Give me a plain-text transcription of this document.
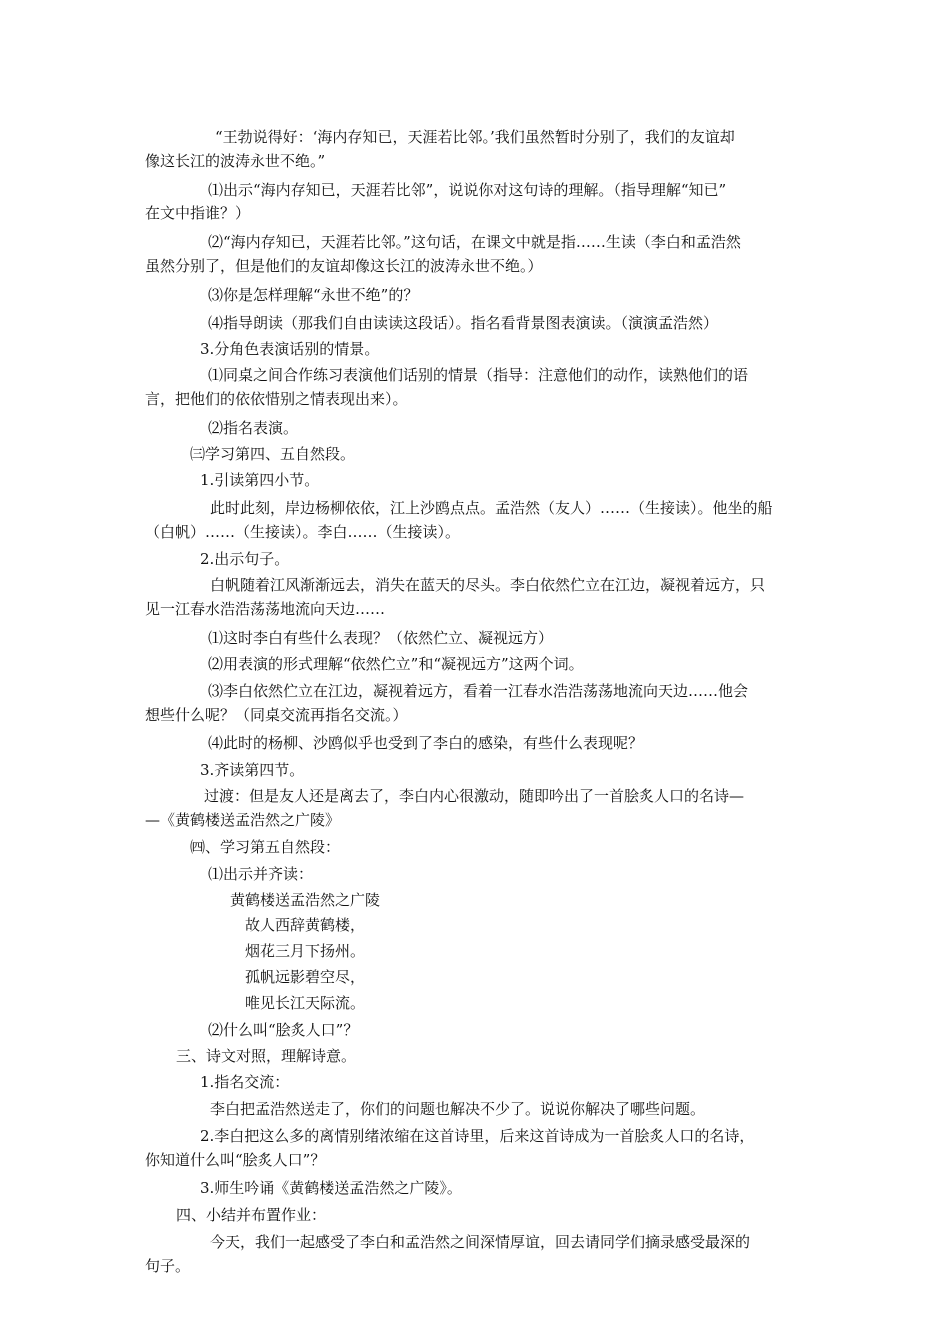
“王勃说得好：‘海内存知已，天涯若比邻。’我们虽然暂时分别了，我们的友谊却
像这长江的波涛永世不绝。”
⑴出示“海内存知已，天涯若比邻”，说说你对这句诗的理解。（指导理解“知已”
在文中指谁？）
⑵“海内存知已，天涯若比邻。”这句话，在课文中就是指……生读（李白和孟浩然
虽然分别了，但是他们的友谊却像这长江的波涛永世不绝。）
⑶你是怎样理解“永世不绝”的？
⑷指导朗读（那我们自由读读这段话）。指名看背景图表演读。（演演孟浩然）
3.分角色表演话别的情景。
⑴同桌之间合作练习表演他们话别的情景（指导：注意他们的动作，读熟他们的语
言，把他们的依依惜别之情表现出来）。
⑵指名表演。
㈢学习第四、五自然段。
1.引读第四小节。
此时此刻，岸边杨柳依依，江上沙鸥点点。孟浩然（友人）……（生接读）。他坐的船
（白帆）……（生接读）。李白……（生接读）。
2.出示句子。
白帆随着江风渐渐远去，消失在蓝天的尽头。李白依然伫立在江边，凝视着远方，只
见一江春水浩浩荡荡地流向天边……
⑴这时李白有些什么表现？（依然伫立、凝视远方）
⑵用表演的形式理解“依然伫立”和“凝视远方”这两个词。
⑶李白依然伫立在江边，凝视着远方，看着一江春水浩浩荡荡地流向天边……他会
想些什么呢？（同桌交流再指名交流。）
⑷此时的杨柳、沙鸥似乎也受到了李白的感染，有些什么表现呢？
3.齐读第四节。
过渡：但是友人还是离去了，李白内心很激动，随即吟出了一首脍炙人口的名诗—
—《黄鹤楼送孟浩然之广陵》
㈣、学习第五自然段：
⑴出示并齐读：
黄鹤楼送孟浩然之广陵
故人西辞黄鹤楼，
烟花三月下扬州。
孤帆远影碧空尽，
唯见长江天际流。
⑵什么叫“脍炙人口”？
三、诗文对照，理解诗意。
1.指名交流：
李白把孟浩然送走了，你们的问题也解决不少了。说说你解决了哪些问题。
2.李白把这么多的离情别绪浓缩在这首诗里，后来这首诗成为一首脍炙人口的名诗，
你知道什么叫“脍炙人口”？
3.师生吟诵《黄鹤楼送孟浩然之广陵》。
四、小结并布置作业：
今天，我们一起感受了李白和孟浩然之间深情厚谊，回去请同学们摘录感受最深的
句子。
